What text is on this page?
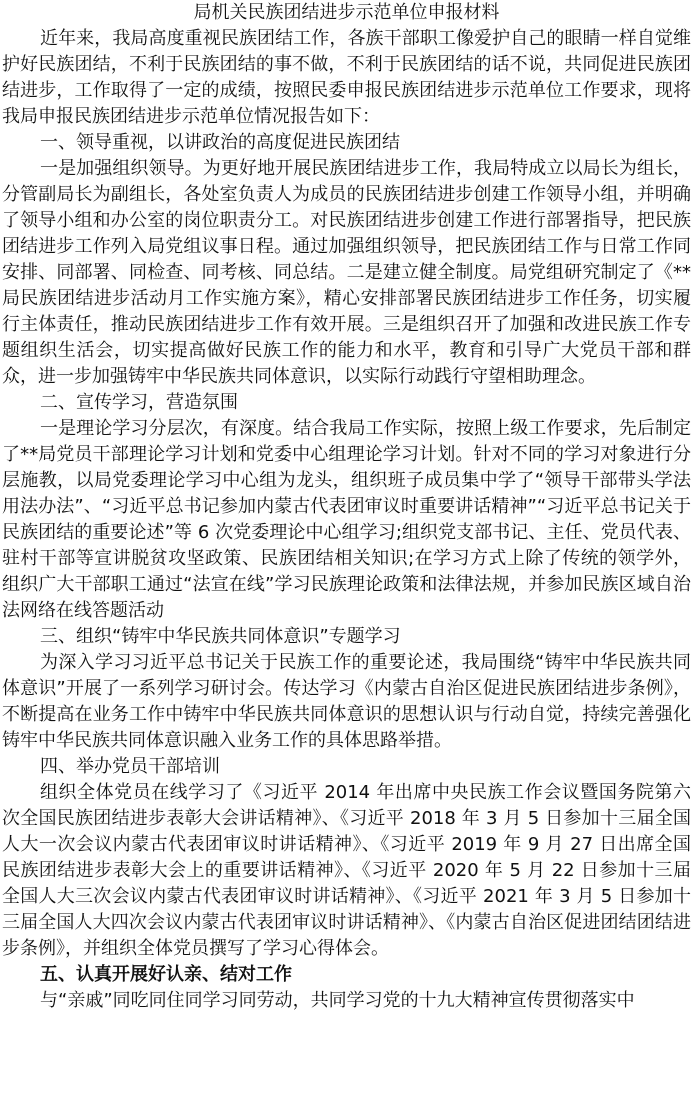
局机关民族团结进步示范单位申报材料

近年来，我局高度重视民族团结工作，各族干部职工像爱护自己的眼睛一样自觉维护好民族团结，不利于民族团结的事不做，不利于民族团结的话不说，共同促进民族团结进步，工作取得了一定的成绩，按照民委申报民族团结进步示范单位工作要求，现将我局申报民族团结进步示范单位情况报告如下：

一、领导重视，以讲政治的高度促进民族团结

一是加强组织领导。为更好地开展民族团结进步工作，我局特成立以局长为组长，分管副局长为副组长，各处室负责人为成员的民族团结进步创建工作领导小组，并明确了领导小组和办公室的岗位职责分工。对民族团结进步创建工作进行部署指导，把民族团结进步工作列入局党组议事日程。通过加强组织领导，把民族团结工作与日常工作同安排、同部署、同检查、同考核、同总结。二是建立健全制度。局党组研究制定了《**局民族团结进步活动月工作实施方案》，精心安排部署民族团结进步工作任务，切实履行主体责任，推动民族团结进步工作有效开展。三是组织召开了加强和改进民族工作专题组织生活会，切实提高做好民族工作的能力和水平，教育和引导广大党员干部和群众，进一步加强铸牢中华民族共同体意识，以实际行动践行守望相助理念。

二、宣传学习，营造氛围

一是理论学习分层次，有深度。结合我局工作实际，按照上级工作要求，先后制定了**局党员干部理论学习计划和党委中心组理论学习计划。针对不同的学习对象进行分层施教，以局党委理论学习中心组为龙头，组织班子成员集中学了“领导干部带头学法用法办法”、“习近平总书记参加内蒙古代表团审议时重要讲话精神”“习近平总书记关于民族团结的重要论述”等 6 次党委理论中心组学习;组织党支部书记、主任、党员代表、驻村干部等宣讲脱贫攻坚政策、民族团结相关知识;在学习方式上除了传统的领学外，组织广大干部职工通过“法宣在线”学习民族理论政策和法律法规，并参加民族区域自治法网络在线答题活动

三、组织“铸牢中华民族共同体意识”专题学习

为深入学习习近平总书记关于民族工作的重要论述，我局围绕“铸牢中华民族共同体意识”开展了一系列学习研讨会。传达学习《内蒙古自治区促进民族团结进步条例》，不断提高在业务工作中铸牢中华民族共同体意识的思想认识与行动自觉，持续完善强化铸牢中华民族共同体意识融入业务工作的具体思路举措。

四、举办党员干部培训

组织全体党员在线学习了《习近平 2014 年出席中央民族工作会议暨国务院第六次全国民族团结进步表彰大会讲话精神》、《习近平 2018 年 3 月 5 日参加十三届全国人大一次会议内蒙古代表团审议时讲话精神》、《习近平 2019 年 9 月 27 日出席全国民族团结进步表彰大会上的重要讲话精神》、《习近平 2020 年 5 月 22 日参加十三届全国人大三次会议内蒙古代表团审议时讲话精神》、《习近平 2021 年 3 月 5 日参加十三届全国人大四次会议内蒙古代表团审议时讲话精神》、《内蒙古自治区促进团结团结进步条例》，并组织全体党员撰写了学习心得体会。

五、认真开展好认亲、结对工作

与“亲戚”同吃同住同学习同劳动，共同学习党的十九大精神宣传贯彻落实中
